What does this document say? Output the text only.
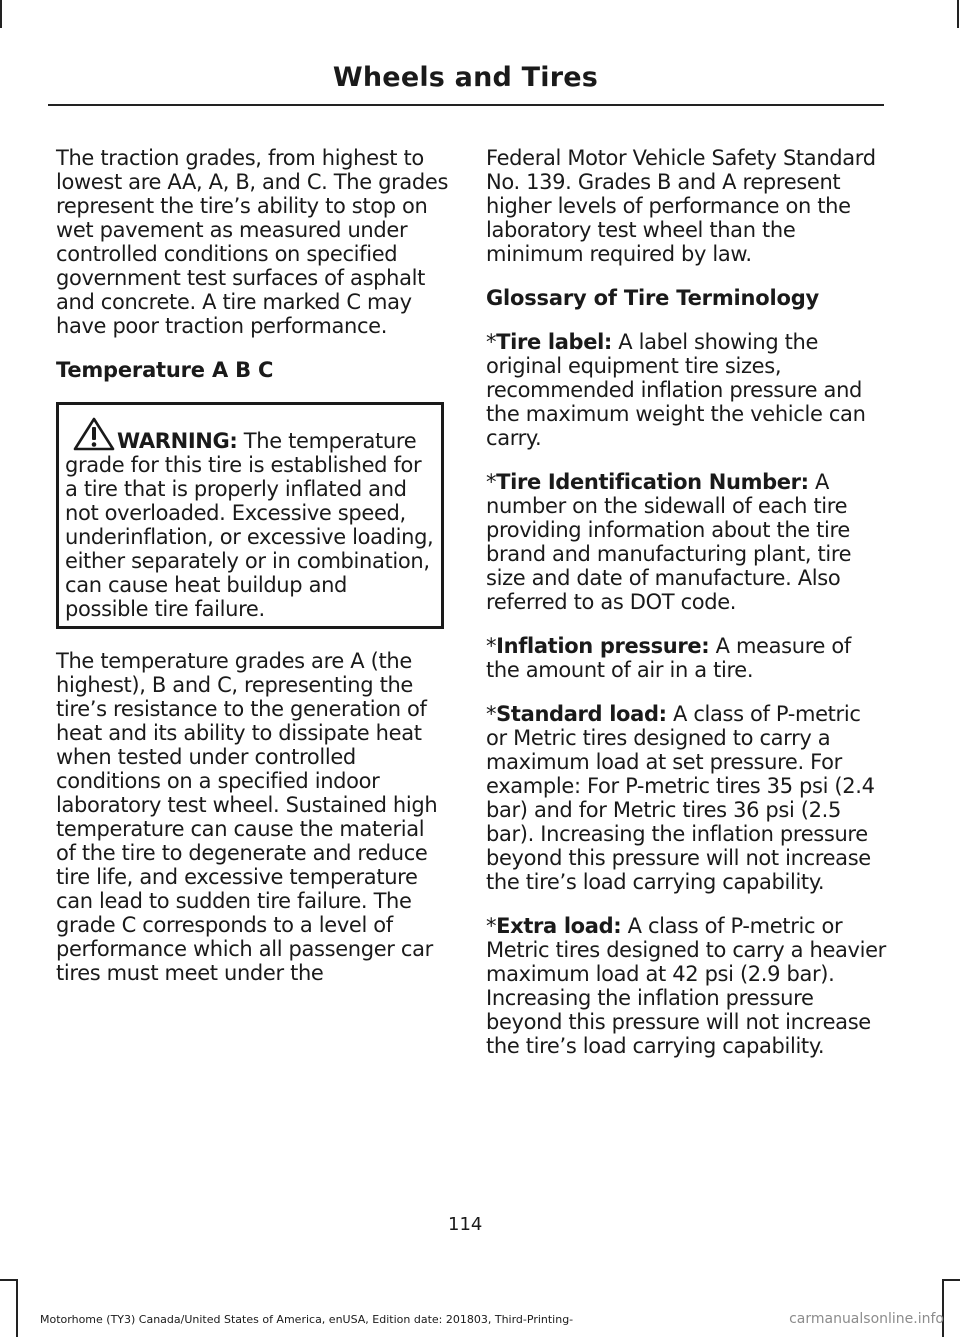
Wheels and Tires

The traction grades, from highest to lowest are AA, A, B, and C. The grades represent the tire’s ability to stop on wet pavement as measured under controlled conditions on specified government test surfaces of asphalt and concrete. A tire marked C may have poor traction performance.

Temperature A B C

WARNING: The temperature grade for this tire is established for a tire that is properly inflated and not overloaded. Excessive speed, underinflation, or excessive loading, either separately or in combination, can cause heat buildup and possible tire failure.

The temperature grades are A (the highest), B and C, representing the tire’s resistance to the generation of heat and its ability to dissipate heat when tested under controlled conditions on a specified indoor laboratory test wheel. Sustained high temperature can cause the material of the tire to degenerate and reduce tire life, and excessive temperature can lead to sudden tire failure. The grade C corresponds to a level of performance which all passenger car tires must meet under the

Federal Motor Vehicle Safety Standard No. 139. Grades B and A represent higher levels of performance on the laboratory test wheel than the minimum required by law.

Glossary of Tire Terminology

*Tire label: A label showing the original equipment tire sizes, recommended inflation pressure and the maximum weight the vehicle can carry.

*Tire Identification Number: A number on the sidewall of each tire providing information about the tire brand and manufacturing plant, tire size and date of manufacture. Also referred to as DOT code.

*Inflation pressure: A measure of the amount of air in a tire.

*Standard load: A class of P-metric or Metric tires designed to carry a maximum load at set pressure. For example: For P-metric tires 35 psi (2.4 bar) and for Metric tires 36 psi (2.5 bar). Increasing the inflation pressure beyond this pressure will not increase the tire’s load carrying capability.

*Extra load: A class of P-metric or Metric tires designed to carry a heavier maximum load at 42 psi (2.9 bar). Increasing the inflation pressure beyond this pressure will not increase the tire’s load carrying capability.

114
Motorhome (TY3) Canada/United States of America, enUSA, Edition date: 201803, Third-Printing-	carmanualsonline.info
